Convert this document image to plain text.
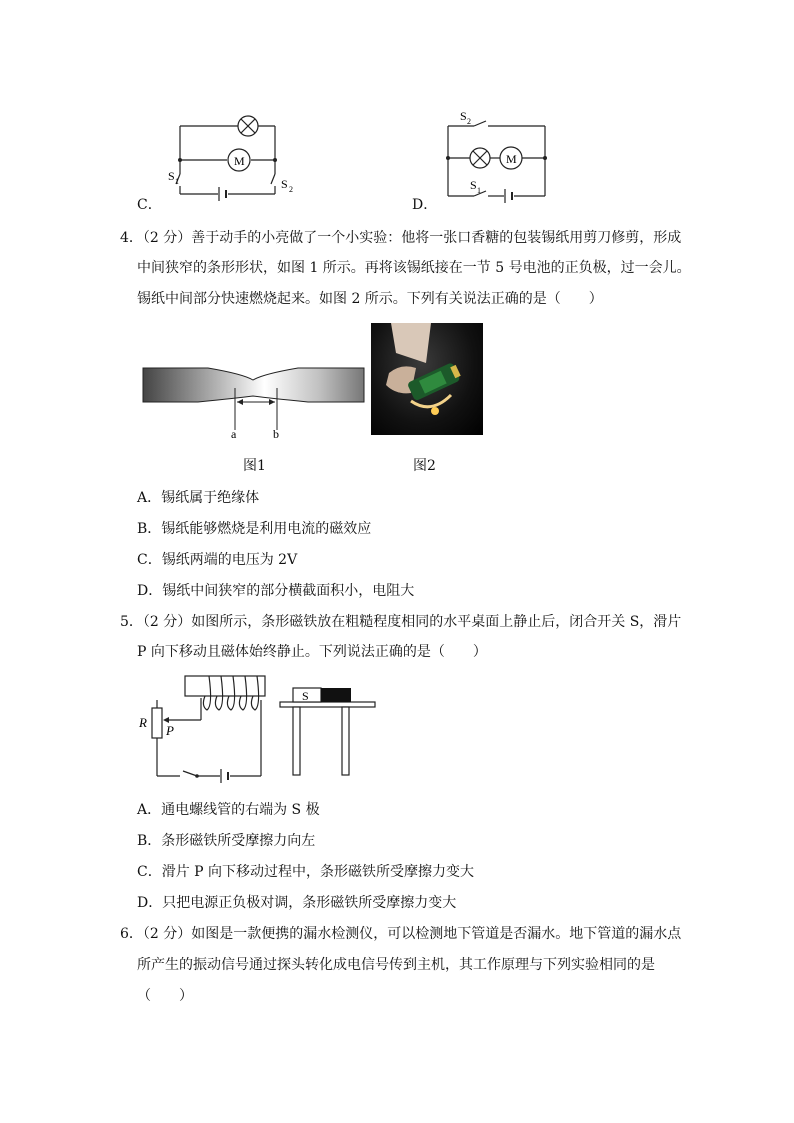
M
S 1	S 2
C．
M
S 2
S 1
D．
4．（2 分）善于动手的小亮做了一个小实验：他将一张口香糖的包装锡纸用剪刀修剪，形成
中间狭窄的条形形状，如图 1 所示。再将该锡纸接在一节 5 号电池的正负极，过一会儿。
锡纸中间部分快速燃烧起来。如图 2 所示。下列有关说法正确的是（　　）
a	b
图1	图2
A．锡纸属于绝缘体
B．锡纸能够燃烧是利用电流的磁效应
C．锡纸两端的电压为 2V
D．锡纸中间狭窄的部分横截面积小，电阻大
5．（2 分）如图所示，条形磁铁放在粗糙程度相同的水平桌面上静止后，闭合开关 S，滑片
P 向下移动且磁体始终静止。下列说法正确的是（　　）
R
P
S
A．通电螺线管的右端为 S 极
B．条形磁铁所受摩擦力向左
C．滑片 P 向下移动过程中，条形磁铁所受摩擦力变大
D．只把电源正负极对调，条形磁铁所受摩擦力变大
6．（2 分）如图是一款便携的漏水检测仪，可以检测地下管道是否漏水。地下管道的漏水点
所产生的振动信号通过探头转化成电信号传到主机，其工作原理与下列实验相同的是
（　　）
